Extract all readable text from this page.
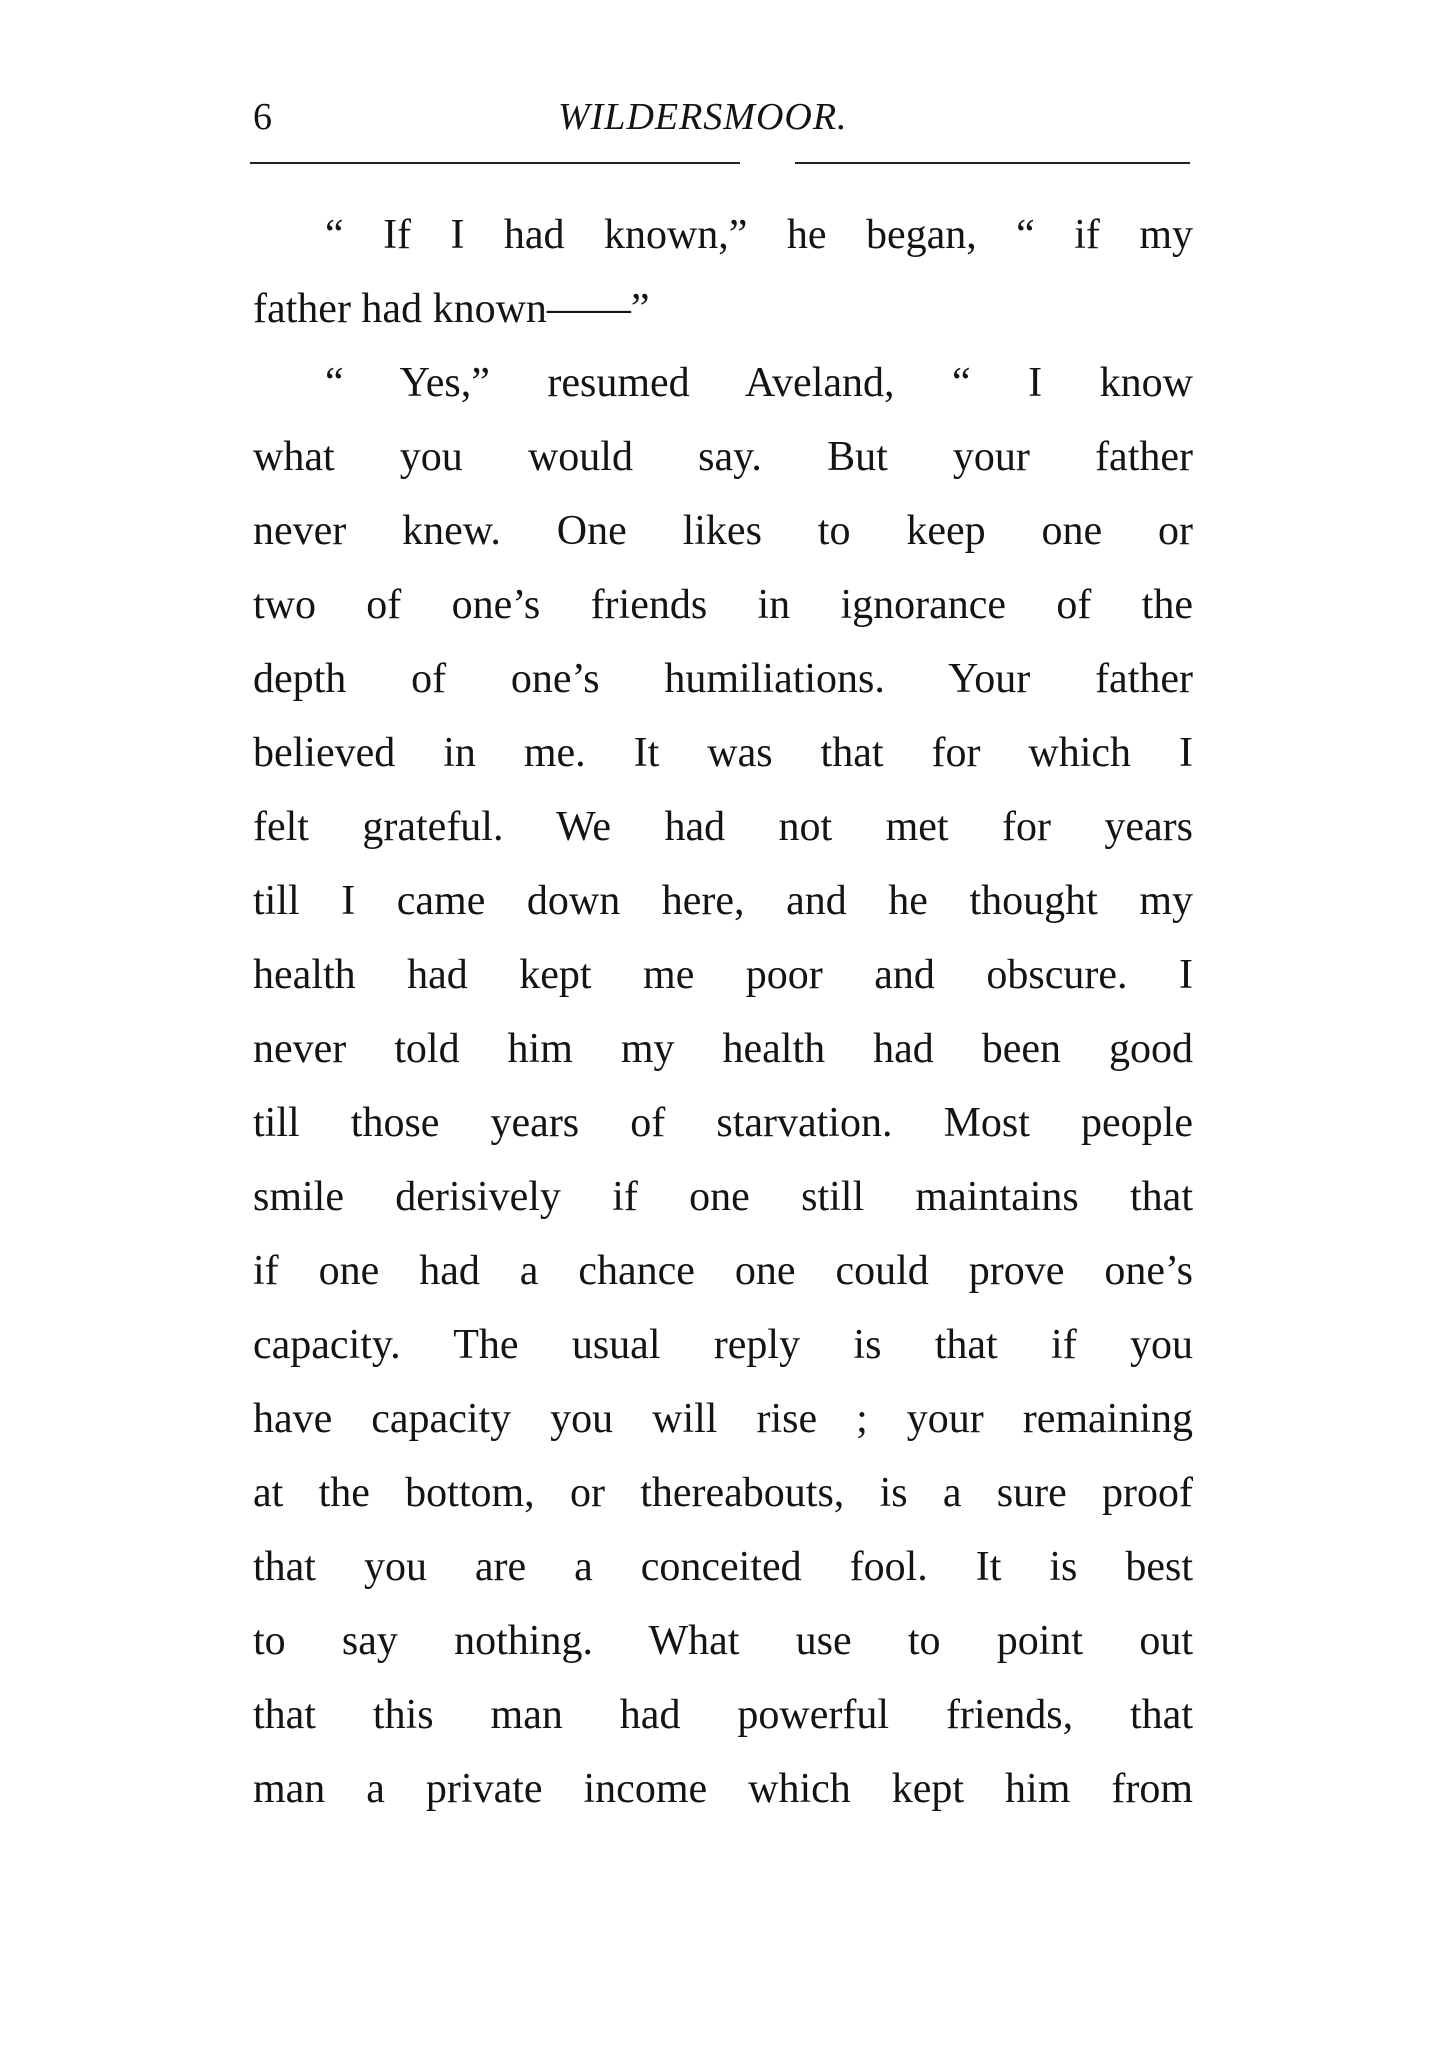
6	WILDERSMOOR.
“ If I had known,” he began, “ if my
father had known——”
“ Yes,” resumed Aveland, “ I know
what you would say. But your father
never knew. One likes to keep one or
two of one’s friends in ignorance of the
depth of one’s humiliations. Your father
believed in me. It was that for which I
felt grateful. We had not met for years
till I came down here, and he thought my
health had kept me poor and obscure. I
never told him my health had been good
till those years of starvation. Most people
smile derisively if one still maintains that
if one had a chance one could prove one’s
capacity. The usual reply is that if you
have capacity you will rise ; your remaining
at the bottom, or thereabouts, is a sure proof
that you are a conceited fool. It is best
to say nothing. What use to point out
that this man had powerful friends, that
man a private income which kept him from
